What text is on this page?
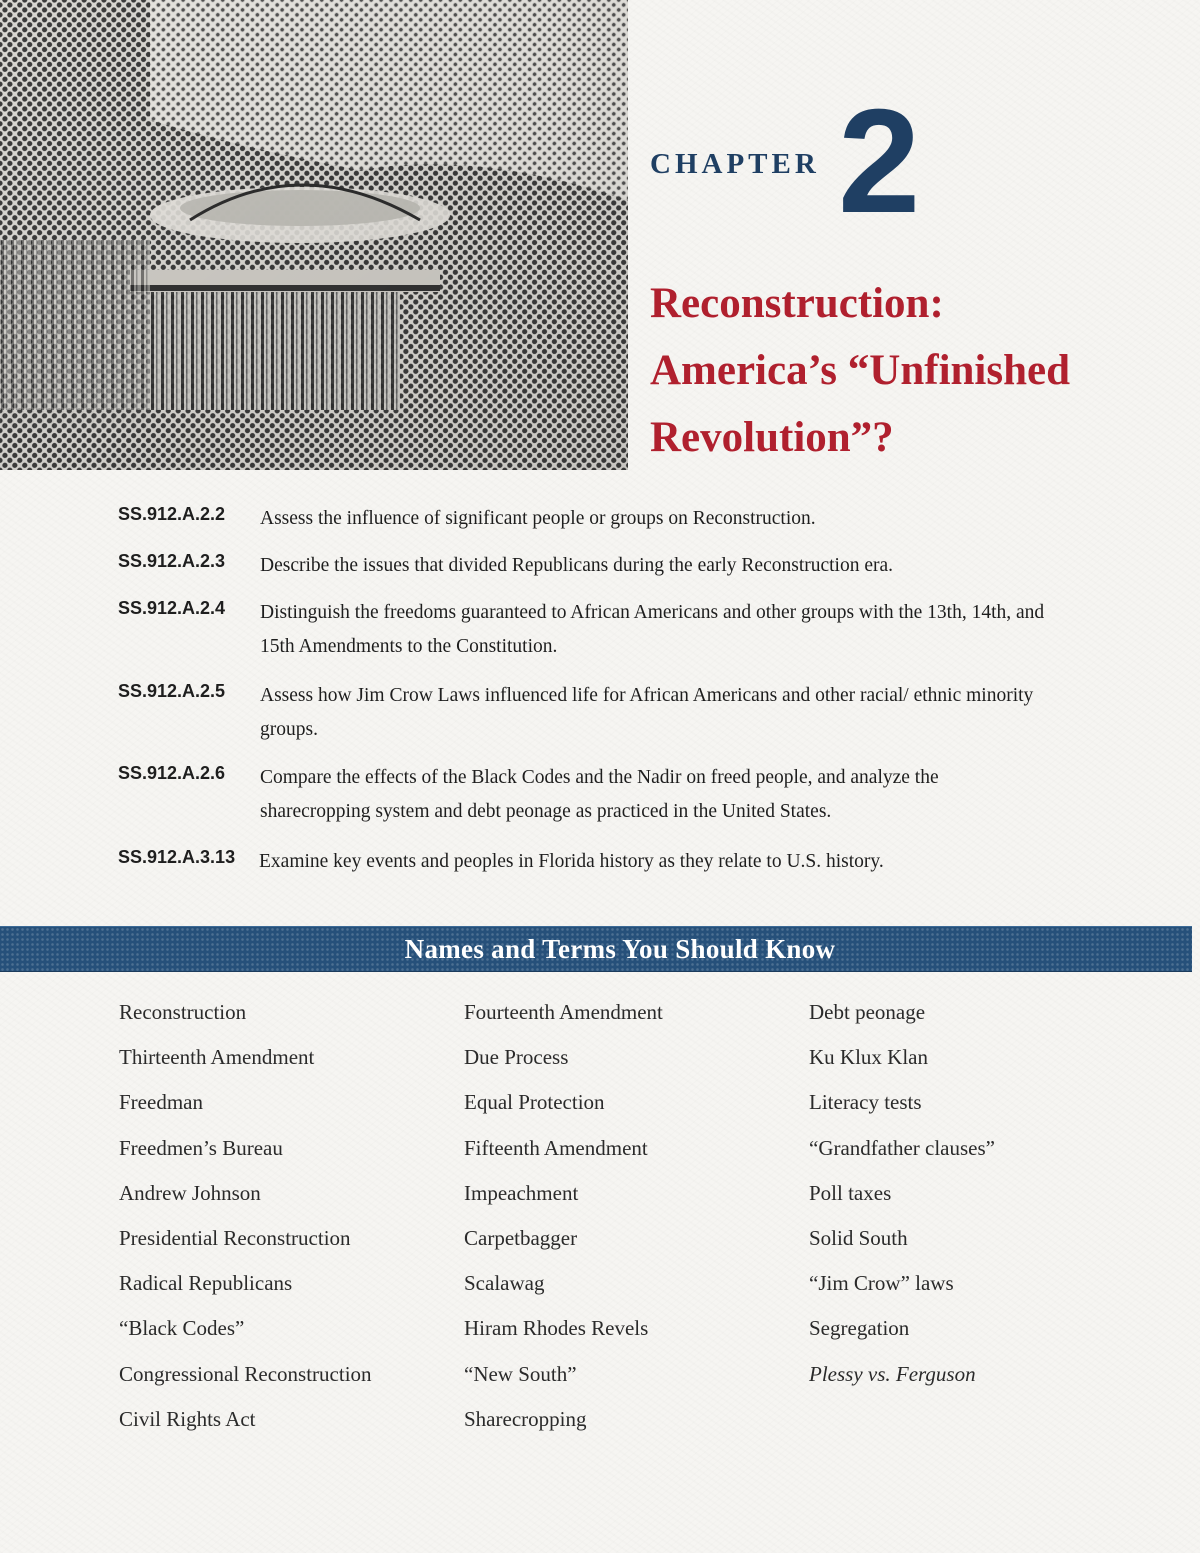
CHAPTER 2
Reconstruction:
America’s “Unfinished
Revolution”?
SS.912.A.2.2 Assess the influence of significant people or groups on Reconstruction.
SS.912.A.2.3 Describe the issues that divided Republicans during the early Reconstruction era.
SS.912.A.2.4 Distinguish the freedoms guaranteed to African Americans and other groups with the 13th, 14th, and 15th Amendments to the Constitution.
SS.912.A.2.5 Assess how Jim Crow Laws influenced life for African Americans and other racial/ ethnic minority groups.
SS.912.A.2.6 Compare the effects of the Black Codes and the Nadir on freed people, and analyze the sharecropping system and debt peonage as practiced in the United States.
SS.912.A.3.13 Examine key events and peoples in Florida history as they relate to U.S. history.
Names and Terms You Should Know
Reconstruction
Thirteenth Amendment
Freedman
Freedmen’s Bureau
Andrew Johnson
Presidential Reconstruction
Radical Republicans
“Black Codes”
Congressional Reconstruction
Civil Rights Act
Fourteenth Amendment
Due Process
Equal Protection
Fifteenth Amendment
Impeachment
Carpetbagger
Scalawag
Hiram Rhodes Revels
“New South”
Sharecropping
Debt peonage
Ku Klux Klan
Literacy tests
“Grandfather clauses”
Poll taxes
Solid South
“Jim Crow” laws
Segregation
Plessy vs. Ferguson
